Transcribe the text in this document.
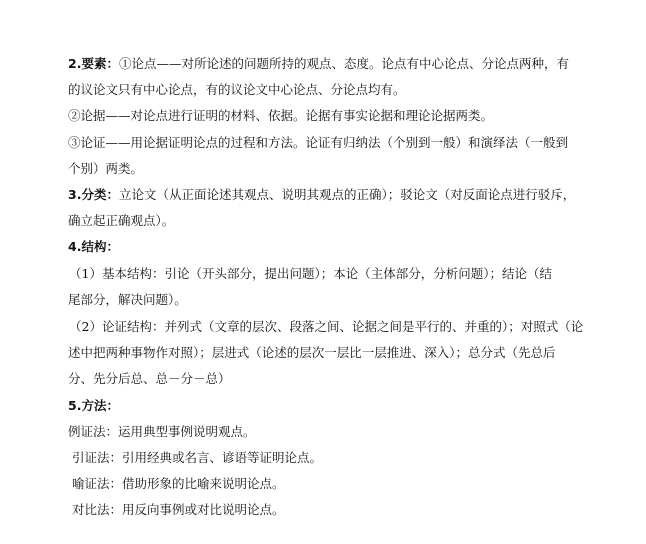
2.要素：①论点——对所论述的问题所持的观点、态度。论点有中心论点、分论点两种，有
的议论文只有中心论点，有的议论文中心论点、分论点均有。
②论据——对论点进行证明的材料、依据。论据有事实论据和理论论据两类。
③论证——用论据证明论点的过程和方法。论证有归纳法（个别到一般）和演绎法（一般到
个别）两类。
3.分类：立论文（从正面论述其观点、说明其观点的正确）；驳论文（对反面论点进行驳斥，
确立起正确观点）。
4.结构：
（1）基本结构：引论（开头部分，提出问题）；本论（主体部分，分析问题）；结论（结
尾部分，解决问题）。
（2）论证结构：并列式（文章的层次、段落之间、论据之间是平行的、并重的）；对照式（论
述中把两种事物作对照）；层进式（论述的层次一层比一层推进、深入）；总分式（先总后
分、先分后总、总－分－总）
5.方法：
例证法：运用典型事例说明观点。
引证法：引用经典或名言、谚语等证明论点。
喻证法：借助形象的比喻来说明论点。
对比法：用反向事例或对比说明论点。
